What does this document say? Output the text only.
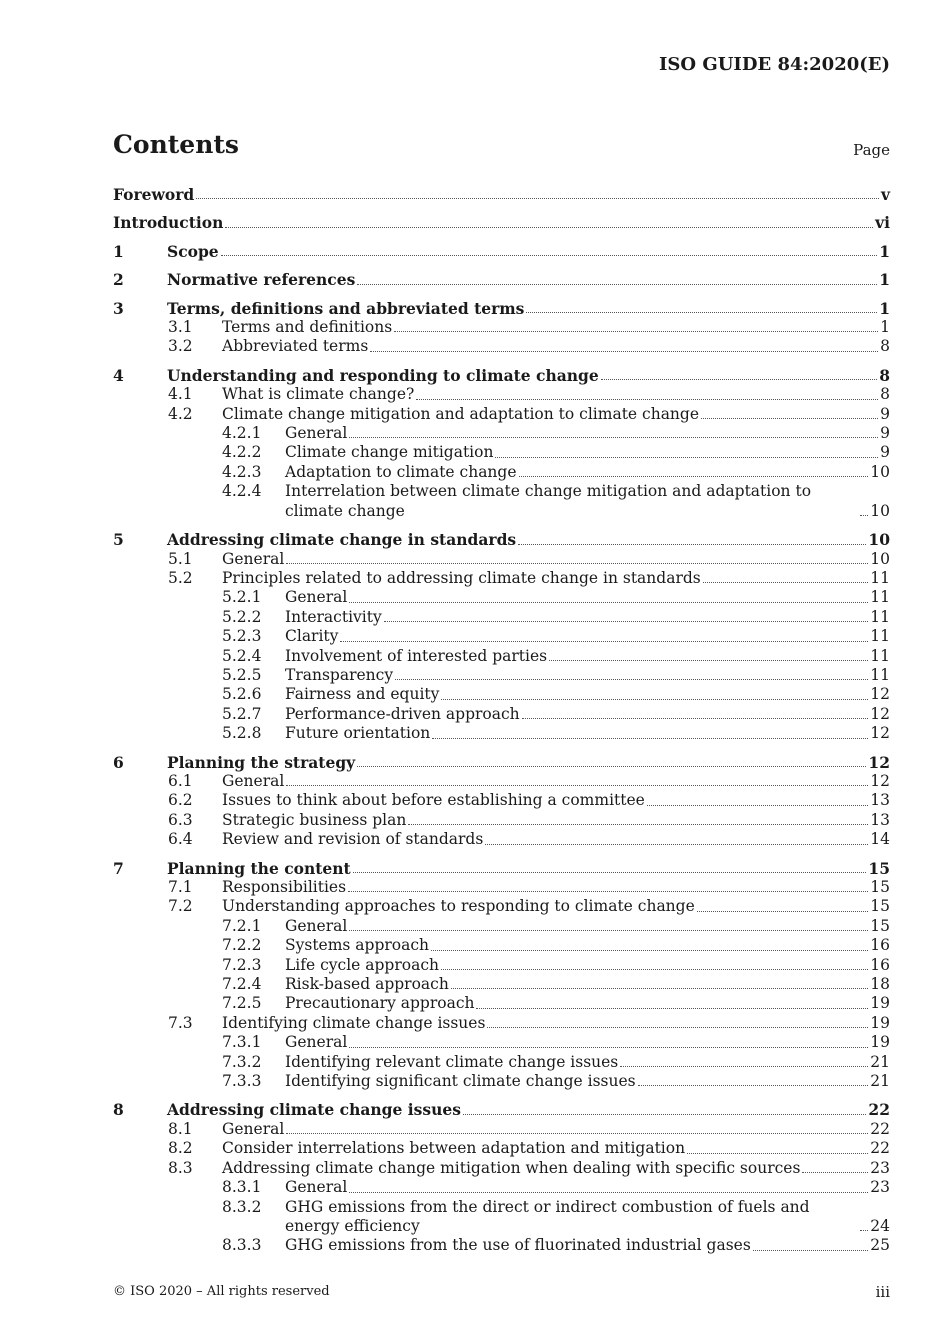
ISO GUIDE 84:2020(E)
Contents	Page
Foreword	v
Introduction	vi
1	Scope	1
2	Normative references	1
3	Terms, definitions and abbreviated terms	1
3.1 Terms and definitions	1
3.2 Abbreviated terms	8
4	Understanding and responding to climate change	8
4.1 What is climate change?	8
4.2 Climate change mitigation and adaptation to climate change	9
4.2.1 General	9
4.2.2 Climate change mitigation	9
4.2.3 Adaptation to climate change	10
4.2.4 Interrelation between climate change mitigation and adaptation to climate change	10
5	Addressing climate change in standards	10
5.1 General	10
5.2 Principles related to addressing climate change in standards	11
5.2.1 General	11
5.2.2 Interactivity	11
5.2.3 Clarity	11
5.2.4 Involvement of interested parties	11
5.2.5 Transparency	11
5.2.6 Fairness and equity	12
5.2.7 Performance-driven approach	12
5.2.8 Future orientation	12
6	Planning the strategy	12
6.1 General	12
6.2 Issues to think about before establishing a committee	13
6.3 Strategic business plan	13
6.4 Review and revision of standards	14
7	Planning the content	15
7.1 Responsibilities	15
7.2 Understanding approaches to responding to climate change	15
7.2.1 General	15
7.2.2 Systems approach	16
7.2.3 Life cycle approach	16
7.2.4 Risk-based approach	18
7.2.5 Precautionary approach	19
7.3 Identifying climate change issues	19
7.3.1 General	19
7.3.2 Identifying relevant climate change issues	21
7.3.3 Identifying significant climate change issues	21
8	Addressing climate change issues	22
8.1 General	22
8.2 Consider interrelations between adaptation and mitigation	22
8.3 Addressing climate change mitigation when dealing with specific sources	23
8.3.1 General	23
8.3.2 GHG emissions from the direct or indirect combustion of fuels and energy efficiency	24
8.3.3 GHG emissions from the use of fluorinated industrial gases	25
© ISO 2020 – All rights reserved	iii
